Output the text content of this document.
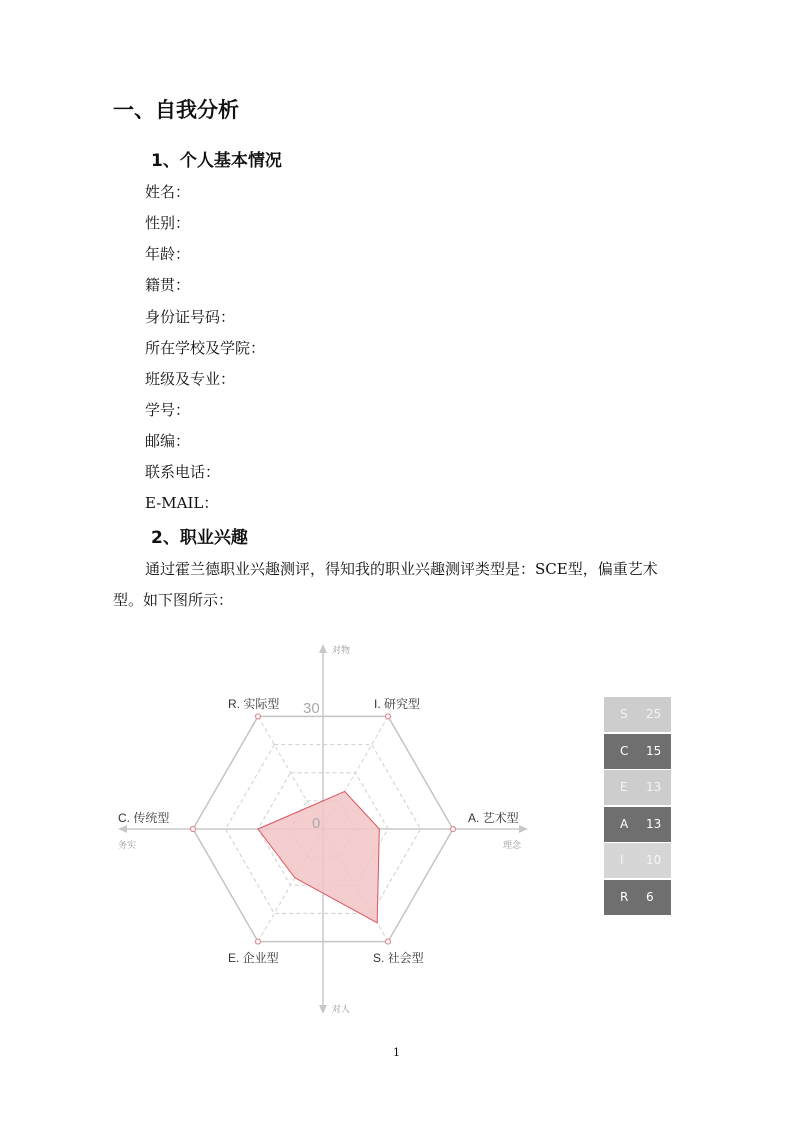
一、自我分析
1、个人基本情况
姓名：
性别：
年龄：
籍贯：
身份证号码：
所在学校及学院：
班级及专业：
学号：
邮编：
联系电话：
E-MAIL：
2、职业兴趣
通过霍兰德职业兴趣测评，得知我的职业兴趣测评类型是：SCE型，偏重艺术
型。如下图所示：
对物
对人
务实	理念
30
0
R. 实际型	I. 研究型
A. 艺术型
S. 社会型
E. 企业型
C. 传统型
S 25
C 15
E 13
A 13
I 10
R 6
1
